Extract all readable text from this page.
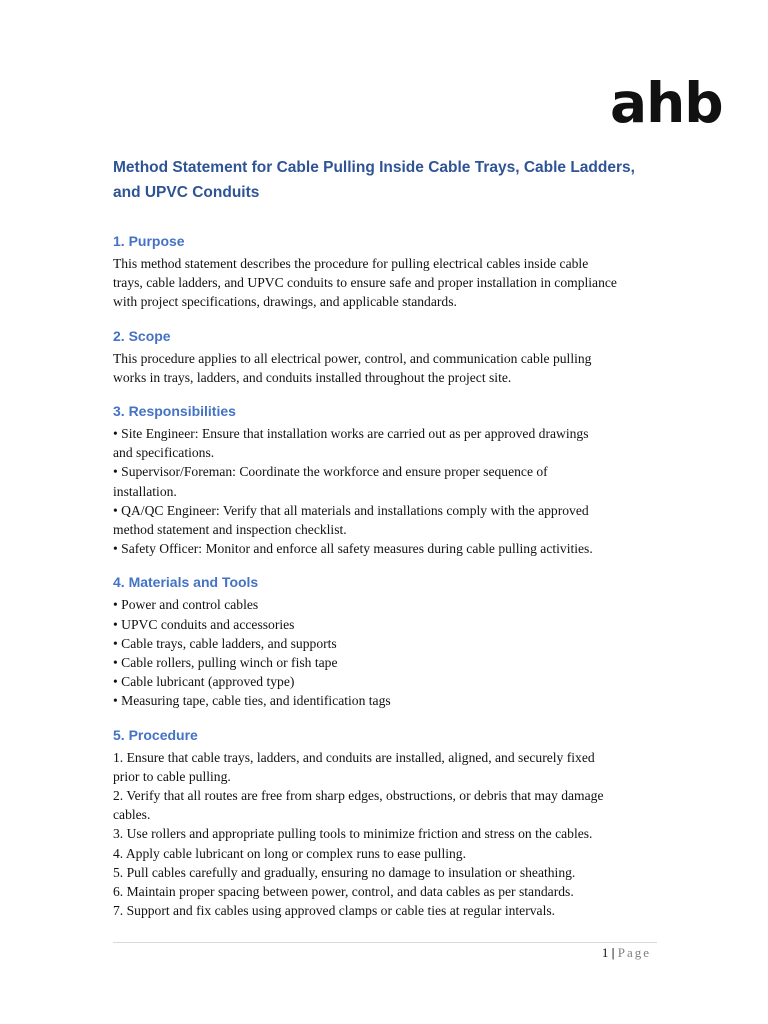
ahb
Method Statement for Cable Pulling Inside Cable Trays, Cable Ladders,
and UPVC Conduits
1. Purpose
This method statement describes the procedure for pulling electrical cables inside cable
trays, cable ladders, and UPVC conduits to ensure safe and proper installation in compliance
with project specifications, drawings, and applicable standards.
2. Scope
This procedure applies to all electrical power, control, and communication cable pulling
works in trays, ladders, and conduits installed throughout the project site.
3. Responsibilities
• Site Engineer: Ensure that installation works are carried out as per approved drawings
and specifications.
• Supervisor/Foreman: Coordinate the workforce and ensure proper sequence of
installation.
• QA/QC Engineer: Verify that all materials and installations comply with the approved
method statement and inspection checklist.
• Safety Officer: Monitor and enforce all safety measures during cable pulling activities.
4. Materials and Tools
• Power and control cables
• UPVC conduits and accessories
• Cable trays, cable ladders, and supports
• Cable rollers, pulling winch or fish tape
• Cable lubricant (approved type)
• Measuring tape, cable ties, and identification tags
5. Procedure
1. Ensure that cable trays, ladders, and conduits are installed, aligned, and securely fixed
prior to cable pulling.
2. Verify that all routes are free from sharp edges, obstructions, or debris that may damage
cables.
3. Use rollers and appropriate pulling tools to minimize friction and stress on the cables.
4. Apply cable lubricant on long or complex runs to ease pulling.
5. Pull cables carefully and gradually, ensuring no damage to insulation or sheathing.
6. Maintain proper spacing between power, control, and data cables as per standards.
7. Support and fix cables using approved clamps or cable ties at regular intervals.
1 | Page
